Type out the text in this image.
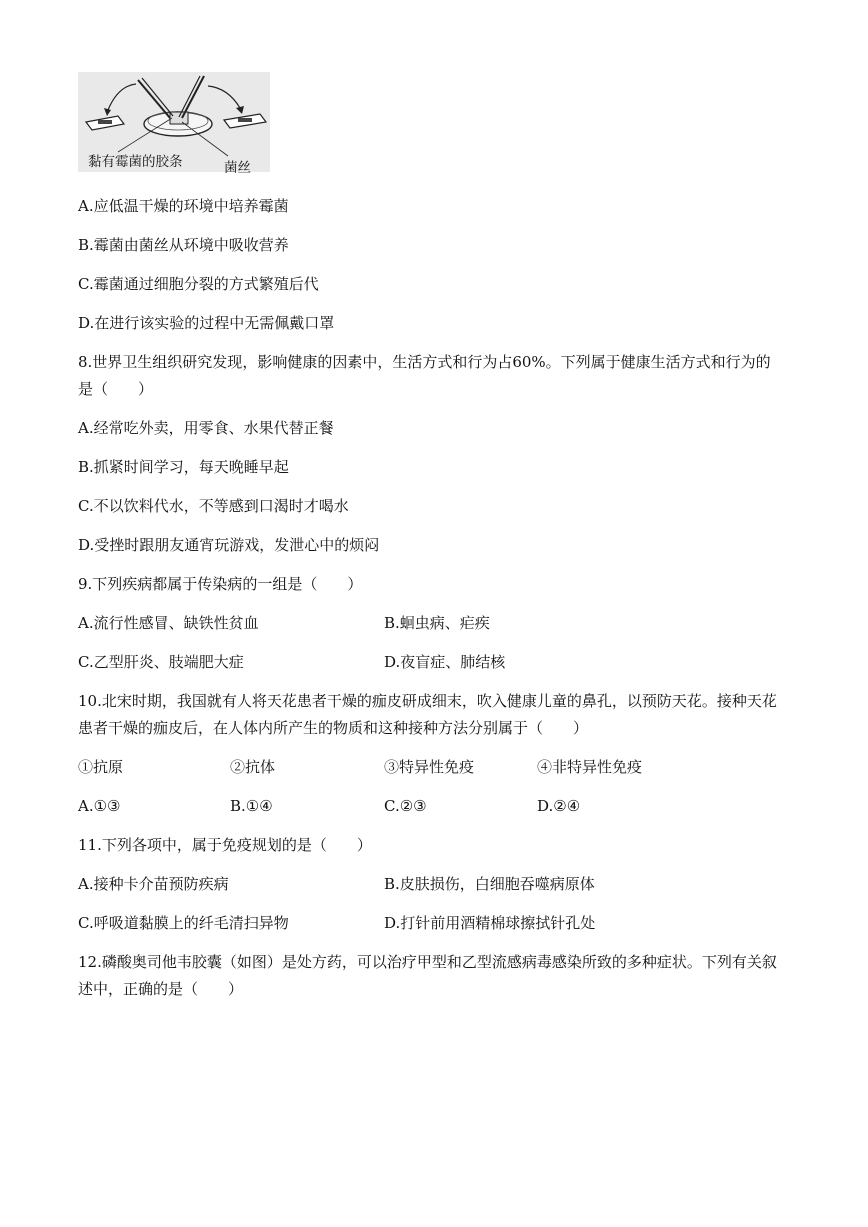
黏有霉菌的胶条	菌丝
A.应低温干燥的环境中培养霉菌
B.霉菌由菌丝从环境中吸收营养
C.霉菌通过细胞分裂的方式繁殖后代
D.在进行该实验的过程中无需佩戴口罩
8.世界卫生组织研究发现，影响健康的因素中，生活方式和行为占60%。下列属于健康生活方式和行为的
是（　　）
A.经常吃外卖，用零食、水果代替正餐
B.抓紧时间学习，每天晚睡早起
C.不以饮料代水，不等感到口渴时才喝水
D.受挫时跟朋友通宵玩游戏，发泄心中的烦闷
9.下列疾病都属于传染病的一组是（　　）
A.流行性感冒、缺铁性贫血	B.蛔虫病、疟疾
C.乙型肝炎、肢端肥大症	D.夜盲症、肺结核
10.北宋时期，我国就有人将天花患者干燥的痂皮研成细末，吹入健康儿童的鼻孔，以预防天花。接种天花
患者干燥的痂皮后，在人体内所产生的物质和这种接种方法分别属于（　　）
①抗原	②抗体	③特异性免疫	④非特异性免疫
A.①③	B.①④	C.②③	D.②④
11.下列各项中，属于免疫规划的是（　　）
A.接种卡介苗预防疾病	B.皮肤损伤，白细胞吞噬病原体
C.呼吸道黏膜上的纤毛清扫异物	D.打针前用酒精棉球擦拭针孔处
12.磷酸奥司他韦胶囊（如图）是处方药，可以治疗甲型和乙型流感病毒感染所致的多种症状。下列有关叙
述中，正确的是（　　）
